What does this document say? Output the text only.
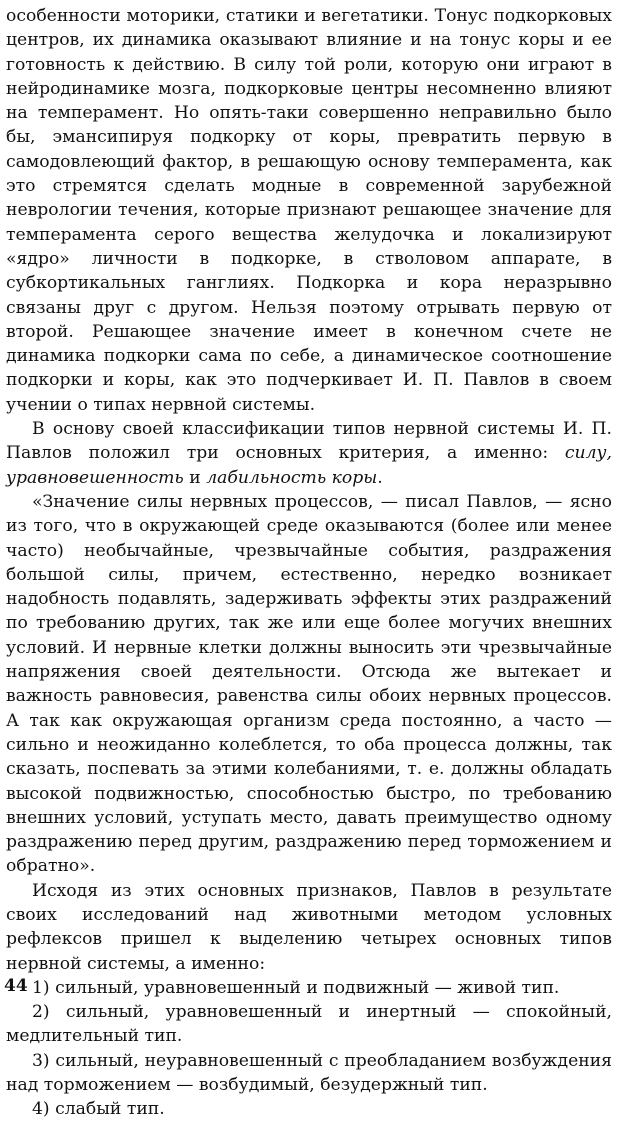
особенности моторики, статики и вегетатики. Тонус подкорковых центров, их динамика оказывают влияние и на тонус коры и ее готовность к действию. В силу той роли, которую они играют в нейродинамике мозга, подкорковые центры несомненно влияют на темперамент. Но опять-таки совершенно неправильно было бы, эмансипируя подкорку от коры, превратить первую в самодовлеющий фактор, в решающую основу темперамента, как это стремятся сделать модные в современной зарубежной неврологии течения, которые признают решающее значение для темперамента серого вещества желудочка и локализируют «ядро» личности в подкорке, в стволовом аппарате, в субкортикальных ганглиях. Подкорка и кора неразрывно связаны друг с другом. Нельзя поэтому отрывать первую от второй. Решающее значение имеет в конечном счете не динамика подкорки сама по себе, а динамическое соотношение подкорки и коры, как это подчеркивает И. П. Павлов в своем учении о типах нервной системы.

В основу своей классификации типов нервной системы И. П. Павлов положил три основных критерия, а именно: силу, уравновешенность и лабильность коры.

«Значение силы нервных процессов, — писал Павлов, — ясно из того, что в окружающей среде оказываются (более или менее часто) необычайные, чрезвычайные события, раздражения большой силы, причем, естественно, нередко возникает надобность подавлять, задерживать эффекты этих раздражений по требованию других, так же или еще более могучих внешних условий. И нервные клетки должны выносить эти чрезвычайные напряжения своей деятельности. Отсюда же вытекает и важность равновесия, равенства силы обоих нервных процессов. А так как окружающая организм среда постоянно, а часто — сильно и неожиданно колеблется, то оба процесса должны, так сказать, поспевать за этими колебаниями, т. е. должны обладать высокой подвижностью, способностью быстро, по требованию внешних условий, уступать место, давать преимущество одному раздражению перед другим, раздражению перед торможением и обратно».

Исходя из этих основных признаков, Павлов в результате своих исследований над животными методом условных рефлексов пришел к выделению четырех основных типов нервной системы, а именно:

1) сильный, уравновешенный и подвижный — живой тип.

2) сильный, уравновешенный и инертный — спокойный, медлительный тип.

3) сильный, неуравновешенный с преобладанием возбуждения над торможением — возбудимый, безудержный тип.

4) слабый тип.

44
